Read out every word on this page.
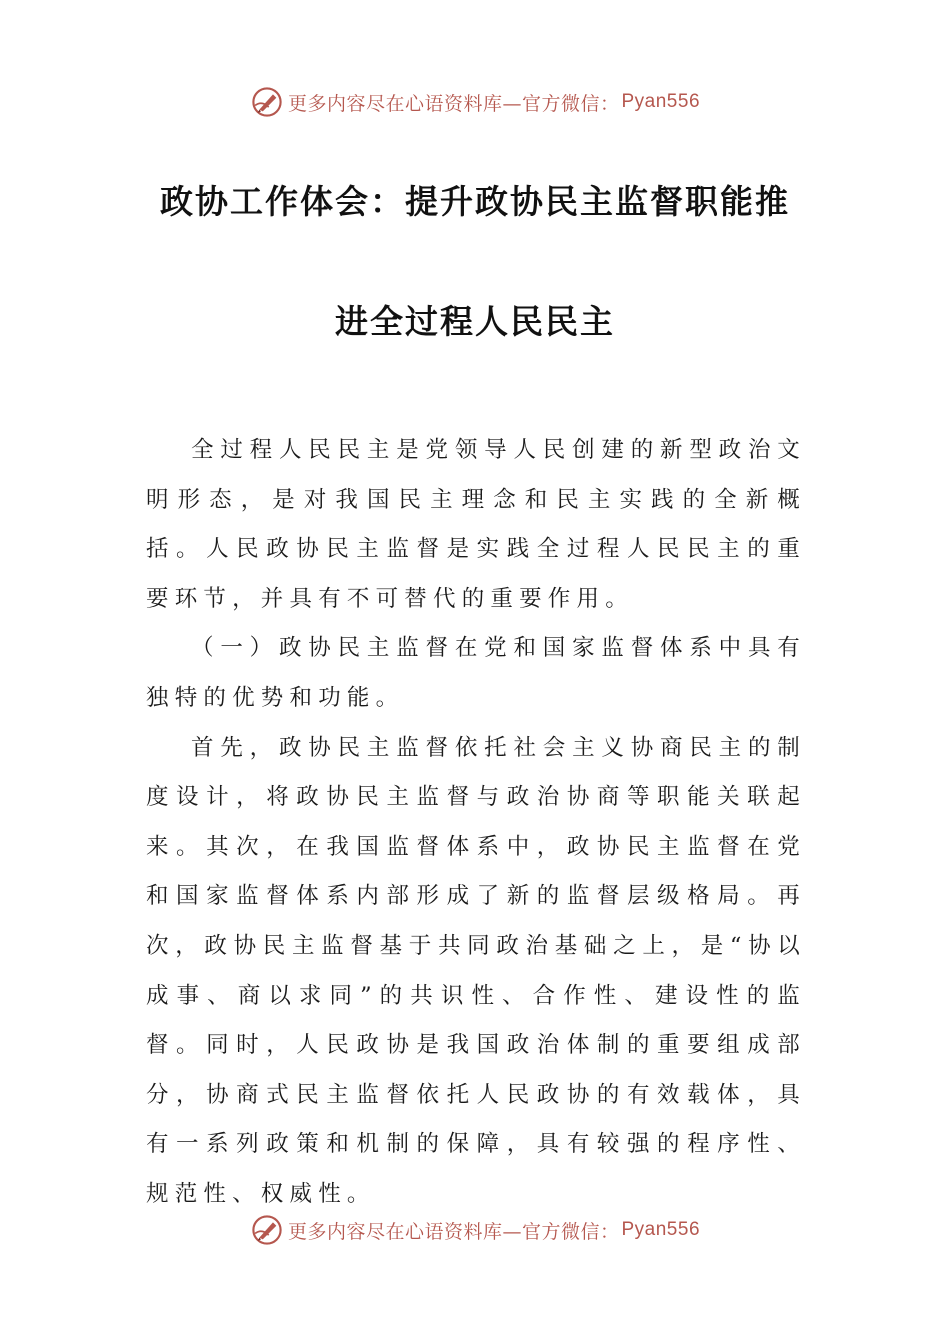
更多内容尽在心语资料库—官方微信： Pyan556
政协工作体会：提升政协民主监督职能推
进全过程人民民主

全过程人民民主是党领导人民创建的新型政治文明形态，是对我国民主理念和民主实践的全新概括。人民政协民主监督是实践全过程人民民主的重要环节，并具有不可替代的重要作用。

（一）政协民主监督在党和国家监督体系中具有独特的优势和功能。

首先，政协民主监督依托社会主义协商民主的制度设计，将政协民主监督与政治协商等职能关联起来。其次，在我国监督体系中，政协民主监督在党和国家监督体系内部形成了新的监督层级格局。再次，政协民主监督基于共同政治基础之上，是“协以成事、商以求同”的共识性、合作性、建设性的监督。同时，人民政协是我国政治体制的重要组成部分，协商式民主监督依托人民政协的有效载体，具有一系列政策和机制的保障，具有较强的程序性、规范性、权威性。

更多内容尽在心语资料库—官方微信： Pyan556
